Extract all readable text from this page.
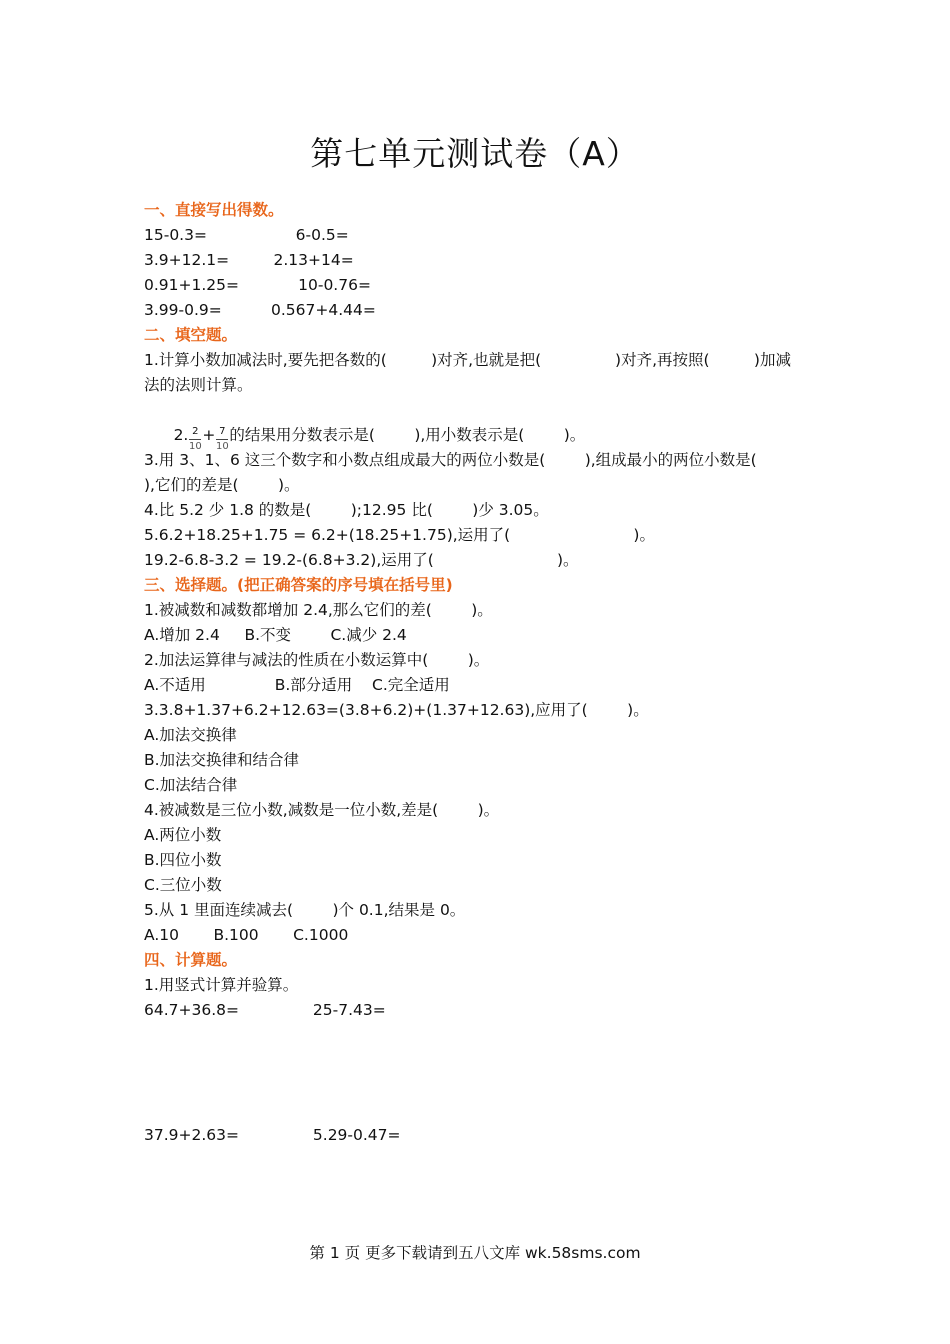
第七单元测试卷（A）
一、直接写出得数。
15-0.3=                  6-0.5=
3.9+12.1=         2.13+14=
0.91+1.25=            10-0.76=
3.99-0.9=          0.567+4.44=
二、填空题。
1.计算小数加减法时,要先把各数的(         )对齐,也就是把(               )对齐,再按照(         )加减
法的法则计算。

2. $\frac{2}{10} + \frac{7}{10}$ 的结果用分数表示是(        ),用小数表示是(        )。

3.用 3、1、6 这三个数字和小数点组成最大的两位小数是(        ),组成最小的两位小数是(
),它们的差是(        )。
4.比 5.2 少 1.8 的数是(        );12.95 比(        )少 3.05。
5.6.2+18.25+1.75 = 6.2+(18.25+1.75),运用了(                         )。
19.2-6.8-3.2 = 19.2-(6.8+3.2),运用了(                         )。
三、选择题。(把正确答案的序号填在括号里)
1.被减数和减数都增加 2.4,那么它们的差(        )。
A.增加 2.4     B.不变        C.减少 2.4
2.加法运算律与减法的性质在小数运算中(        )。
A.不适用              B.部分适用    C.完全适用
3.3.8+1.37+6.2+12.63=(3.8+6.2)+(1.37+12.63),应用了(        )。
A.加法交换律
B.加法交换律和结合律
C.加法结合律
4.被减数是三位小数,减数是一位小数,差是(        )。
A.两位小数
B.四位小数
C.三位小数
5.从 1 里面连续减去(        )个 0.1,结果是 0。
A.10       B.100       C.1000
四、计算题。
1.用竖式计算并验算。
64.7+36.8=               25-7.43=
37.9+2.63=               5.29-0.47=
第 1 页 更多下载请到五八文库 wk.58sms.com
